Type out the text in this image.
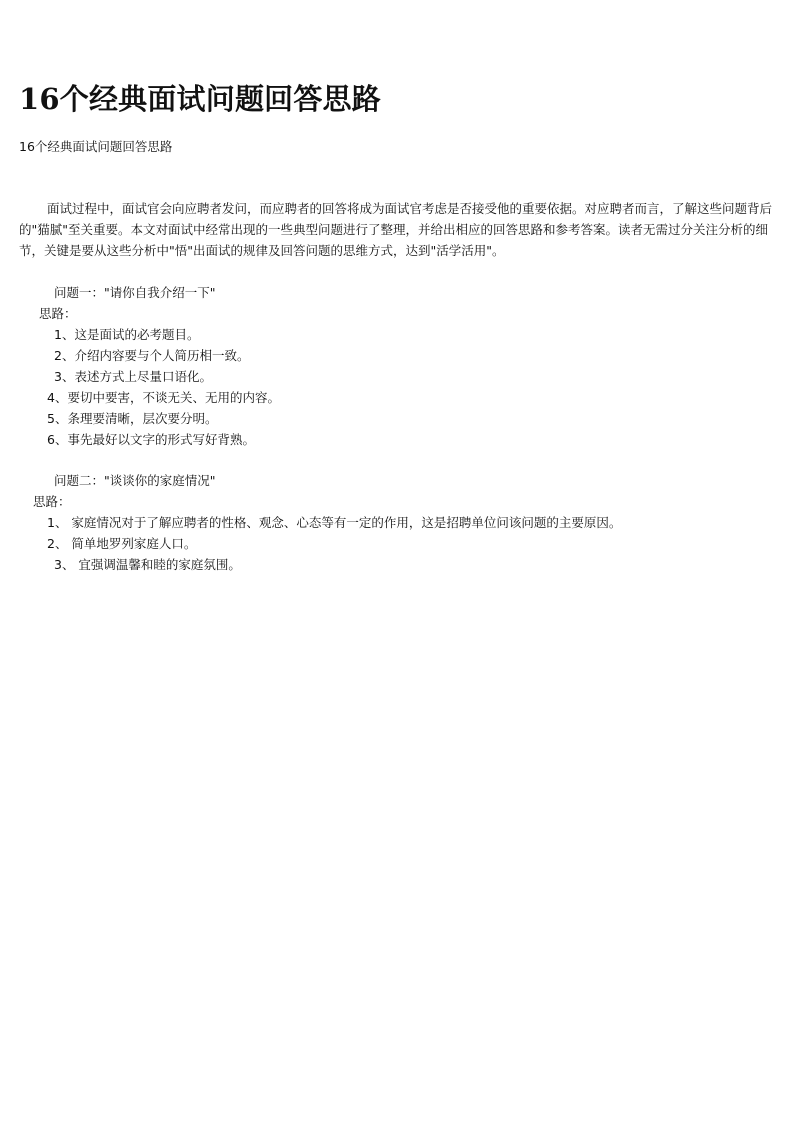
16个经典面试问题回答思路
16个经典面试问题回答思路

面试过程中，面试官会向应聘者发问，而应聘者的回答将成为面试官考虑是否接受他的重要依据。对应聘者而言，了解这些问题背后的"猫腻"至关重要。本文对面试中经常出现的一些典型问题进行了整理，并给出相应的回答思路和参考答案。读者无需过分关注分析的细节，关键是要从这些分析中"悟"出面试的规律及回答问题的思维方式，达到"活学活用"。

问题一："请你自我介绍一下"
思路：
1、这是面试的必考题目。
2、介绍内容要与个人简历相一致。
3、表述方式上尽量口语化。
4、要切中要害，不谈无关、无用的内容。
5、条理要清晰，层次要分明。
6、事先最好以文字的形式写好背熟。
问题二："谈谈你的家庭情况"
思路：
1、 家庭情况对于了解应聘者的性格、观念、心态等有一定的作用，这是招聘单位问该问题的主要原因。
2、 简单地罗列家庭人口。
3、 宜强调温馨和睦的家庭氛围。
